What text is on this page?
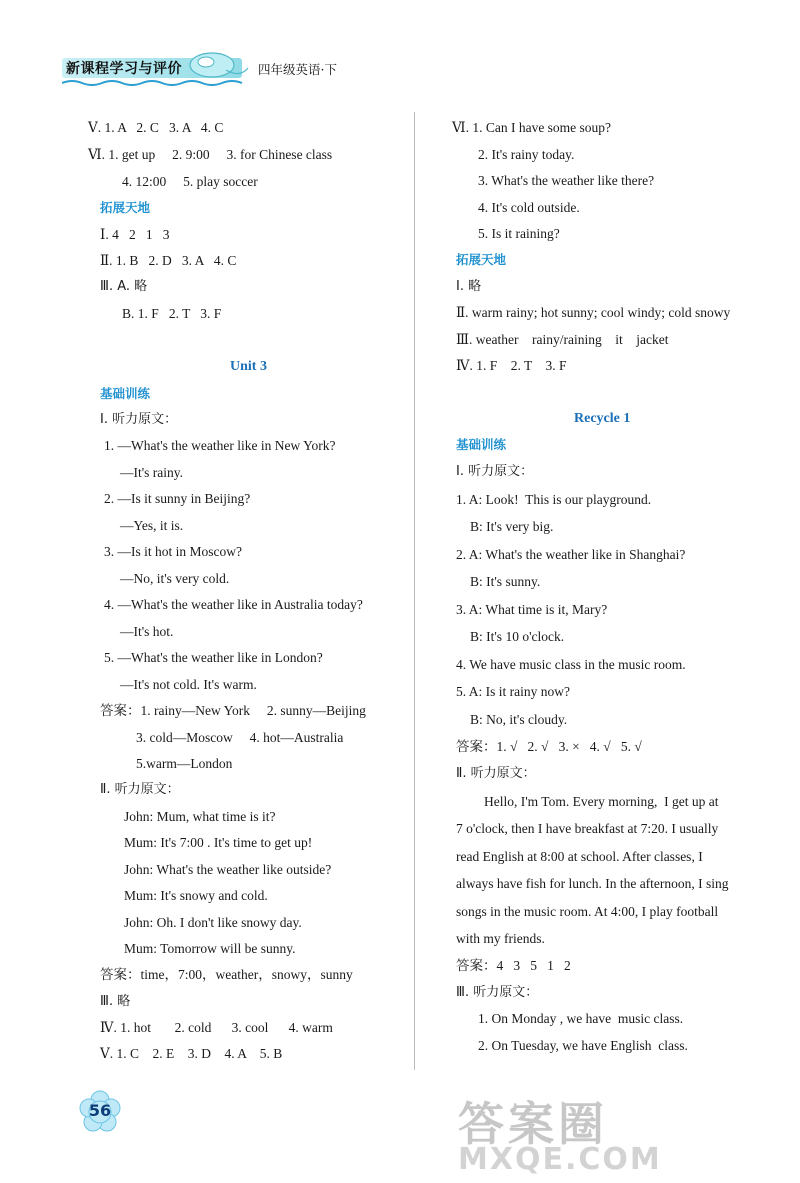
新课程学习与评价	四年级英语·下
Ⅴ. 1. A   2. C   3. A   4. C
Ⅵ. 1. get up     2. 9:00     3. for Chinese class
4. 12:00     5. play soccer
拓展天地
Ⅰ. 4   2   1   3
Ⅱ. 1. B   2. D   3. A   4. C
Ⅲ. A. 略
B. 1. F   2. T   3. F
Unit 3
基础训练
Ⅰ. 听力原文：
1. —What's the weather like in New York?
—It's rainy.
2. —Is it sunny in Beijing?
—Yes, it is.
3. —Is it hot in Moscow?
—No, it's very cold.
4. —What's the weather like in Australia today?
—It's hot.
5. —What's the weather like in London?
—It's not cold. It's warm.
答案：1. rainy—New York     2. sunny—Beijing
3. cold—Moscow     4. hot—Australia
5.warm—London
Ⅱ. 听力原文：
John: Mum, what time is it?
Mum: It's 7:00 . It's time to get up!
John: What's the weather like outside?
Mum: It's snowy and cold.
John: Oh. I don't like snowy day.
Mum: Tomorrow will be sunny.
答案：time，7:00，weather，snowy，sunny
Ⅲ. 略
Ⅳ. 1. hot       2. cold      3. cool      4. warm
Ⅴ. 1. C    2. E    3. D    4. A    5. B
Ⅵ. 1. Can I have some soup?
2. It's rainy today.
3. What's the weather like there?
4. It's cold outside.
5. Is it raining?
拓展天地
Ⅰ. 略
Ⅱ. warm rainy; hot sunny; cool windy; cold snowy
Ⅲ. weather    rainy/raining    it    jacket
Ⅳ. 1. F    2. T    3. F
Recycle 1
基础训练
Ⅰ. 听力原文：
1. A: Look!  This is our playground.
B: It's very big.
2. A: What's the weather like in Shanghai?
B: It's sunny.
3. A: What time is it, Mary?
B: It's 10 o'clock.
4. We have music class in the music room.
5. A: Is it rainy now?
B: No, it's cloudy.
答案：1. √   2. √   3. ×   4. √   5. √
Ⅱ. 听力原文：
Hello, I'm Tom. Every morning,  I get up at
7 o'clock, then I have breakfast at 7:20. I usually
read English at 8:00 at school. After classes, I
always have fish for lunch. In the afternoon, I sing
songs in the music room. At 4:00, I play football
with my friends.
答案：4   3   5   1   2
Ⅲ. 听力原文：
1. On Monday , we have  music class.
2. On Tuesday, we have English  class.
56	答案圈
MXQE.COM
